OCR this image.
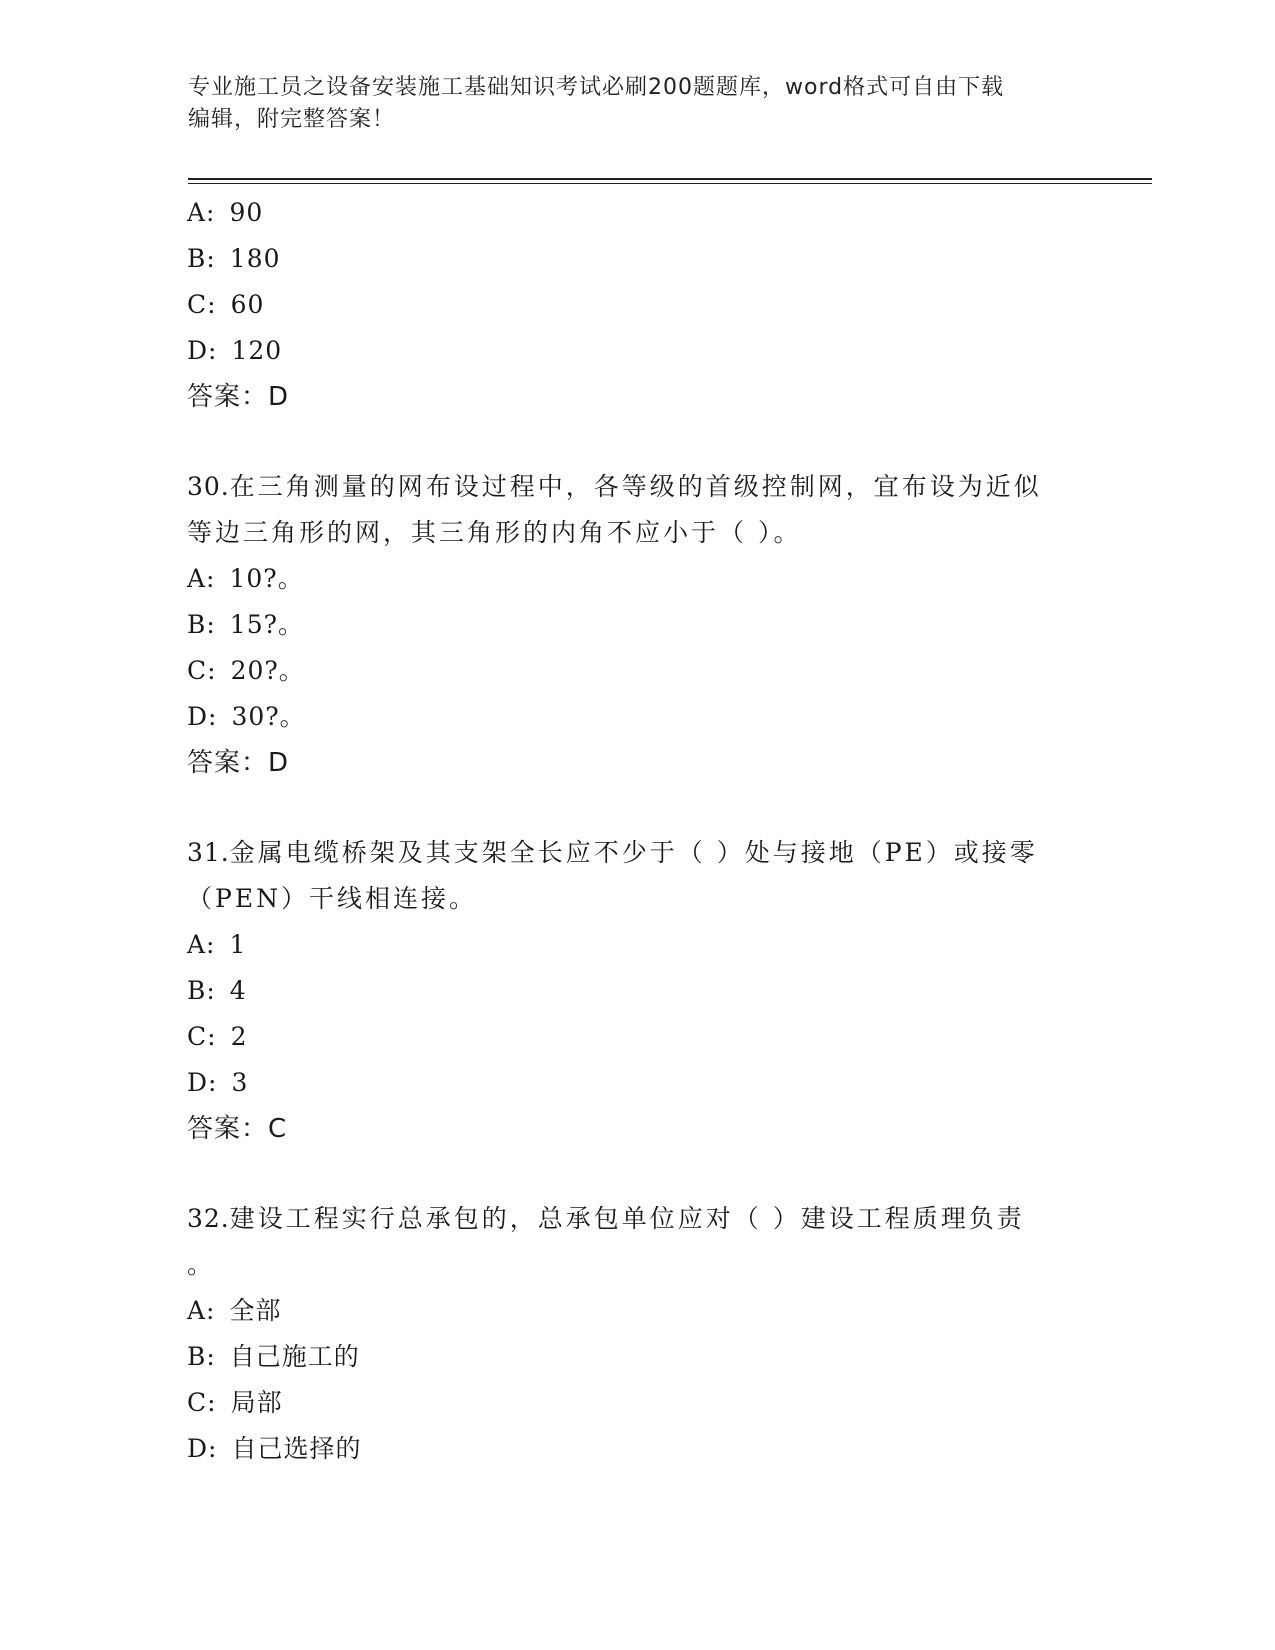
专业施工员之设备安装施工基础知识考试必刷200题题库，word格式可自由下载
编辑，附完整答案！
A: 90
B: 180
C: 60
D: 120
答案：D
30.在三角测量的网布设过程中，各等级的首级控制网，宜布设为近似
等边三角形的网，其三角形的内角不应小于（ ）。
A: 10?。
B: 15?。
C: 20?。
D: 30?。
答案：D
31.金属电缆桥架及其支架全长应不少于（ ）处与接地（PE）或接零
（PEN）干线相连接。
A: 1
B: 4
C: 2
D: 3
答案：C
32.建设工程实行总承包的，总承包单位应对（ ）建设工程质理负责
。
A: 全部
B: 自己施工的
C: 局部
D: 自己选择的
